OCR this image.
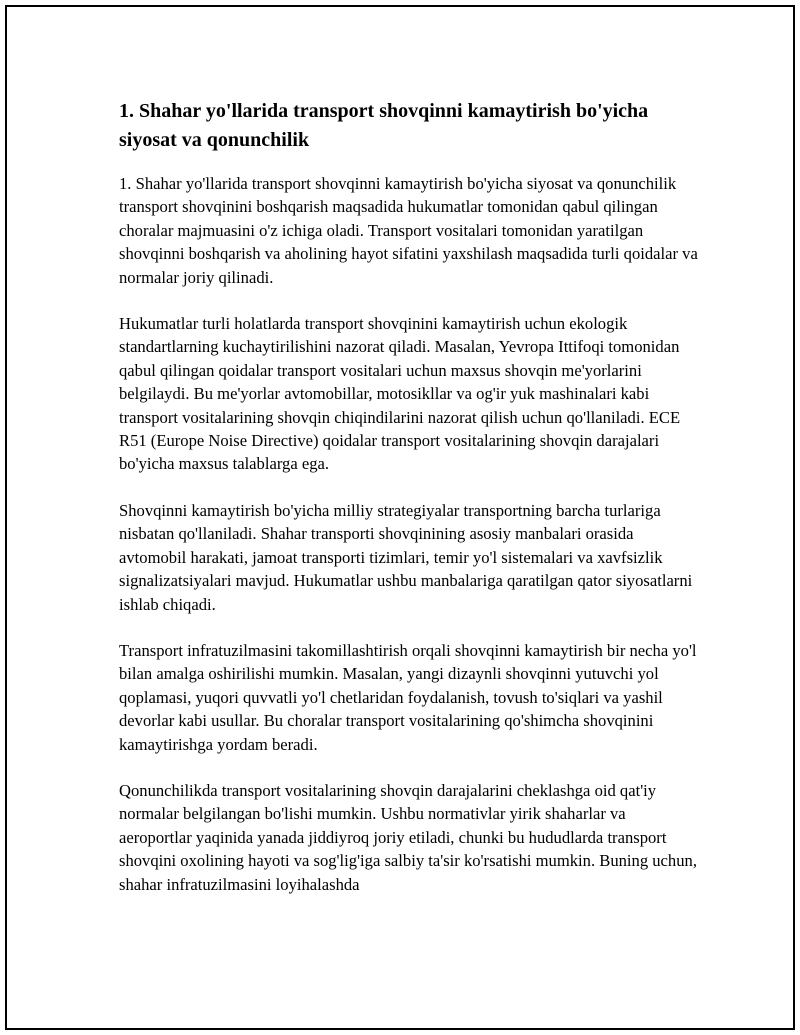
1. Shahar yo'llarida transport shovqinni kamaytirish bo'yicha siyosat va qonunchilik

1. Shahar yo'llarida transport shovqinni kamaytirish bo'yicha siyosat va qonunchilik transport shovqinini boshqarish maqsadida hukumatlar tomonidan qabul qilingan choralar majmuasini o'z ichiga oladi. Transport vositalari tomonidan yaratilgan shovqinni boshqarish va aholining hayot sifatini yaxshilash maqsadida turli qoidalar va normalar joriy qilinadi.

Hukumatlar turli holatlarda transport shovqinini kamaytirish uchun ekologik standartlarning kuchaytirilishini nazorat qiladi. Masalan, Yevropa Ittifoqi tomonidan qabul qilingan qoidalar transport vositalari uchun maxsus shovqin me'yorlarini belgilaydi. Bu me'yorlar avtomobillar, motosikllar va og'ir yuk mashinalari kabi transport vositalarining shovqin chiqindilarini nazorat qilish uchun qo'llaniladi. ECE R51 (Europe Noise Directive) qoidalar transport vositalarining shovqin darajalari bo'yicha maxsus talablarga ega.

Shovqinni kamaytirish bo'yicha milliy strategiyalar transportning barcha turlariga nisbatan qo'llaniladi. Shahar transporti shovqinining asosiy manbalari orasida avtomobil harakati, jamoat transporti tizimlari, temir yo'l sistemalari va xavfsizlik signalizatsiyalari mavjud. Hukumatlar ushbu manbalariga qaratilgan qator siyosatlarni ishlab chiqadi.

Transport infratuzilmasini takomillashtirish orqali shovqinni kamaytirish bir necha yo'l bilan amalga oshirilishi mumkin. Masalan, yangi dizaynli shovqinni yutuvchi yol qoplamasi, yuqori quvvatli yo'l chetlaridan foydalanish, tovush to'siqlari va yashil devorlar kabi usullar. Bu choralar transport vositalarining qo'shimcha shovqinini kamaytirishga yordam beradi.

Qonunchilikda transport vositalarining shovqin darajalarini cheklashga oid qat'iy normalar belgilangan bo'lishi mumkin. Ushbu normativlar yirik shaharlar va aeroportlar yaqinida yanada jiddiyroq joriy etiladi, chunki bu hududlarda transport shovqini oxolining hayoti va sog'lig'iga salbiy ta'sir ko'rsatishi mumkin. Buning uchun, shahar infratuzilmasini loyihalashda
